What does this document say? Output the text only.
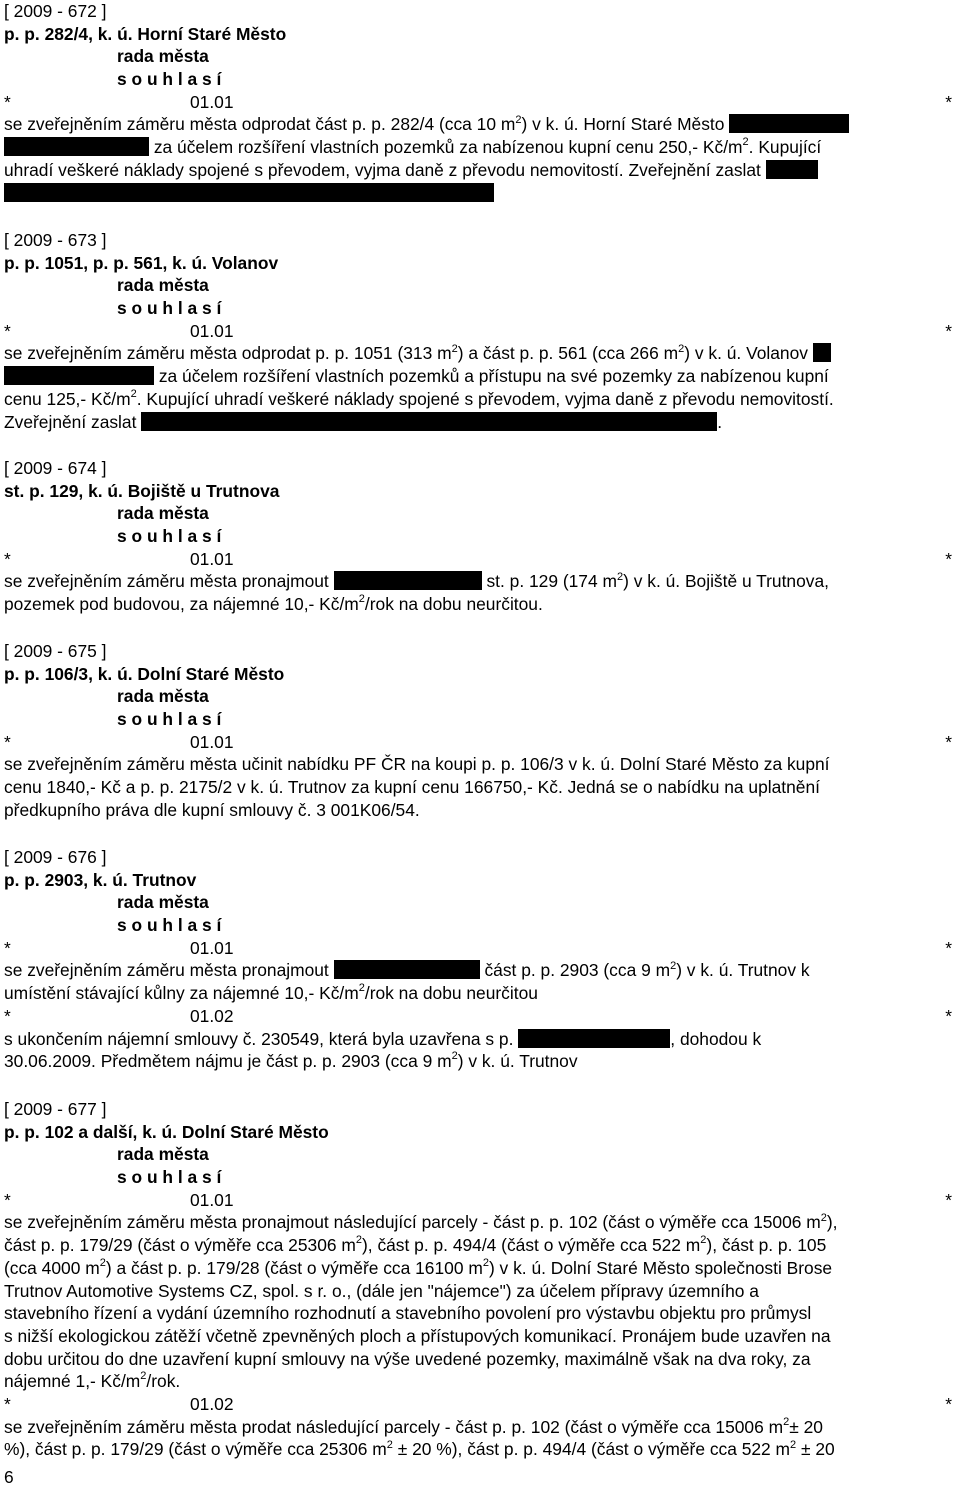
[ 2009 - 672 ]
p. p. 282/4, k. ú. Horní Staré Město
rada města
s o u h l a s í
*	01.01	*
se zveřejněním záměru města odprodat část p. p. 282/4 (cca 10 $m^2$) v k. ú. Horní Staré Město
za účelem rozšíření vlastních pozemků za nabízenou kupní cenu 250,- $Kč/m^2$. Kupující
uhradí veškeré náklady spojené s převodem, vyjma daně z převodu nemovitostí. Zveřejnění zaslat
[ 2009 - 673 ]
p. p. 1051, p. p. 561, k. ú. Volanov
rada města
s o u h l a s í
*	01.01	*
se zveřejněním záměru města odprodat p. p. 1051 (313 $m^2$) a část p. p. 561 (cca 266 $m^2$) v k. ú. Volanov
za účelem rozšíření vlastních pozemků a přístupu na své pozemky za nabízenou kupní
cenu 125,- $Kč/m^2$. Kupující uhradí veškeré náklady spojené s převodem, vyjma daně z převodu nemovitostí.
Zveřejnění zaslat	.
[ 2009 - 674 ]
st. p. 129, k. ú. Bojiště u Trutnova
rada města
s o u h l a s í
*	01.01	*
se zveřejněním záměru města pronajmout	st. p. 129 (174 $m^2$) v k. ú. Bojiště u Trutnova,
pozemek pod budovou, za nájemné 10,- $Kč/m^2$/rok na dobu neurčitou.
[ 2009 - 675 ]
p. p. 106/3, k. ú. Dolní Staré Město
rada města
s o u h l a s í
*	01.01	*
se zveřejněním záměru města učinit nabídku PF ČR na koupi p. p. 106/3 v k. ú. Dolní Staré Město za kupní
cenu 1840,- Kč a p. p. 2175/2 v k. ú. Trutnov za kupní cenu 166750,- Kč. Jedná se o nabídku na uplatnění
předkupního práva dle kupní smlouvy č. 3 001K06/54.
[ 2009 - 676 ]
p. p. 2903, k. ú. Trutnov
rada města
s o u h l a s í
*	01.01	*
se zveřejněním záměru města pronajmout	část p. p. 2903 (cca 9 $m^2$) v k. ú. Trutnov k
umístění stávající kůlny za nájemné 10,- $Kč/m^2$/rok na dobu neurčitou
*	01.02	*
s ukončením nájemní smlouvy č. 230549, která byla uzavřena s p.	, dohodou k
30.06.2009. Předmětem nájmu je část p. p. 2903 (cca 9 $m^2$) v k. ú. Trutnov
[ 2009 - 677 ]
p. p. 102 a další, k. ú. Dolní Staré Město
rada města
s o u h l a s í
*	01.01	*
se zveřejněním záměru města pronajmout následující parcely - část p. p. 102 (část o výměře cca 15006 $m^2$),
část p. p. 179/29 (část o výměře cca 25306 $m^2$), část p. p. 494/4 (část o výměře cca 522 $m^2$), část p. p. 105
(cca 4000 $m^2$) a část p. p. 179/28 (část o výměře cca 16100 $m^2$) v k. ú. Dolní Staré Město společnosti Brose
Trutnov Automotive Systems CZ, spol. s r. o., (dále jen "nájemce") za účelem přípravy územního a
stavebního řízení a vydání územního rozhodnutí a stavebního povolení pro výstavbu objektu pro průmysl
s nižší ekologickou zátěží včetně zpevněných ploch a přístupových komunikací. Pronájem bude uzavřen na
dobu určitou do dne uzavření kupní smlouvy na výše uvedené pozemky, maximálně však na dva roky, za
nájemné 1,- $Kč/m^2$/rok.
*	01.02	*
se zveřejněním záměru města prodat následující parcely - část p. p. 102 (část o výměře cca 15006 $m^2\pm 20$
%), část p. p. 179/29 (část o výměře cca 25306 $m^2 \pm 20$ %), část p. p. 494/4 (část o výměře cca 522 $m^2 \pm 20$
6
